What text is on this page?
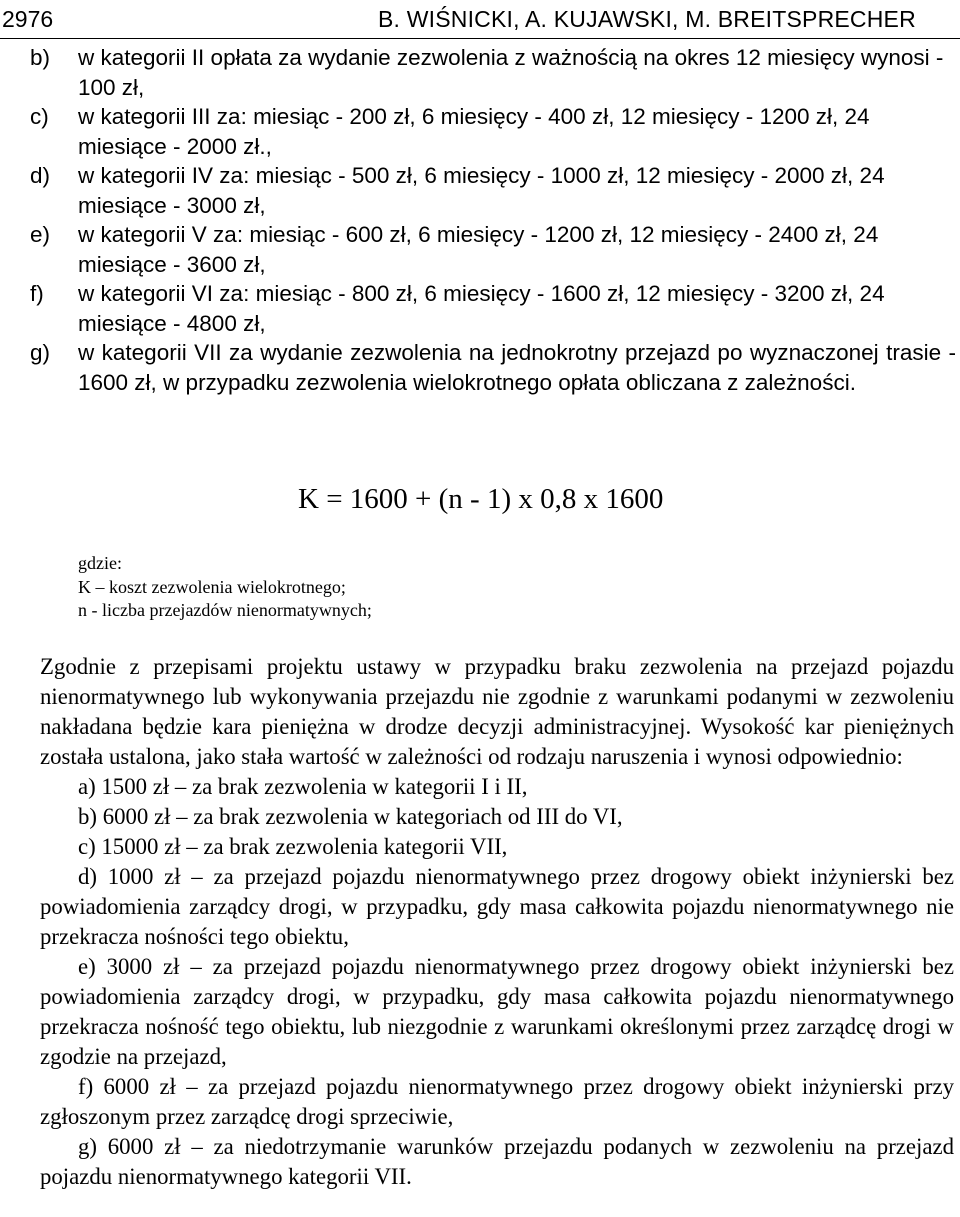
2976	B. WIŚNICKI, A. KUJAWSKI, M. BREITSPRECHER
b)	w kategorii II opłata za wydanie zezwolenia z ważnością na okres 12 miesięcy wynosi - 100 zł,
c)	w kategorii III za: miesiąc - 200 zł, 6 miesięcy - 400 zł, 12 miesięcy - 1200 zł, 24 miesiące - 2000 zł.,
d)	w kategorii IV za: miesiąc - 500 zł, 6 miesięcy - 1000 zł, 12 miesięcy - 2000 zł, 24 miesiące - 3000 zł,
e)	w kategorii V za: miesiąc - 600 zł, 6 miesięcy - 1200 zł, 12 miesięcy - 2400 zł, 24 miesiące - 3600 zł,
f)	w kategorii VI za: miesiąc - 800 zł, 6 miesięcy - 1600 zł, 12 miesięcy - 3200 zł, 24 miesiące - 4800 zł,
g)	w kategorii VII za wydanie zezwolenia na jednokrotny przejazd po wyznaczonej trasie - 1600 zł, w przypadku zezwolenia wielokrotnego opłata obliczana z zależności.
K = 1600 + (n - 1) x 0,8 x 1600
gdzie:
K – koszt zezwolenia wielokrotnego;
n - liczba przejazdów nienormatywnych;

Zgodnie z przepisami projektu ustawy w przypadku braku zezwolenia na przejazd pojazdu nienormatywnego lub wykonywania przejazdu nie zgodnie z warunkami podanymi w zezwoleniu nakładana będzie kara pieniężna w drodze decyzji administracyjnej. Wysokość kar pieniężnych została ustalona, jako stała wartość w zależności od rodzaju naruszenia i wynosi odpowiednio:

a) 1500 zł – za brak zezwolenia w kategorii I i II,

b) 6000 zł – za brak zezwolenia w kategoriach od III do VI,

c) 15000 zł – za brak zezwolenia kategorii VII,

d) 1000 zł – za przejazd pojazdu nienormatywnego przez drogowy obiekt inżynierski bez powiadomienia zarządcy drogi, w przypadku, gdy masa całkowita pojazdu nienormatywnego nie przekracza nośności tego obiektu,

e) 3000 zł – za przejazd pojazdu nienormatywnego przez drogowy obiekt inżynierski bez powiadomienia zarządcy drogi, w przypadku, gdy masa całkowita pojazdu nienormatywnego przekracza nośność tego obiektu, lub niezgodnie z warunkami określonymi przez zarządcę drogi w zgodzie na przejazd,

f) 6000 zł – za przejazd pojazdu nienormatywnego przez drogowy obiekt inżynierski przy zgłoszonym przez zarządcę drogi sprzeciwie,

g) 6000 zł – za niedotrzymanie warunków przejazdu podanych w zezwoleniu na przejazd pojazdu nienormatywnego kategorii VII.
